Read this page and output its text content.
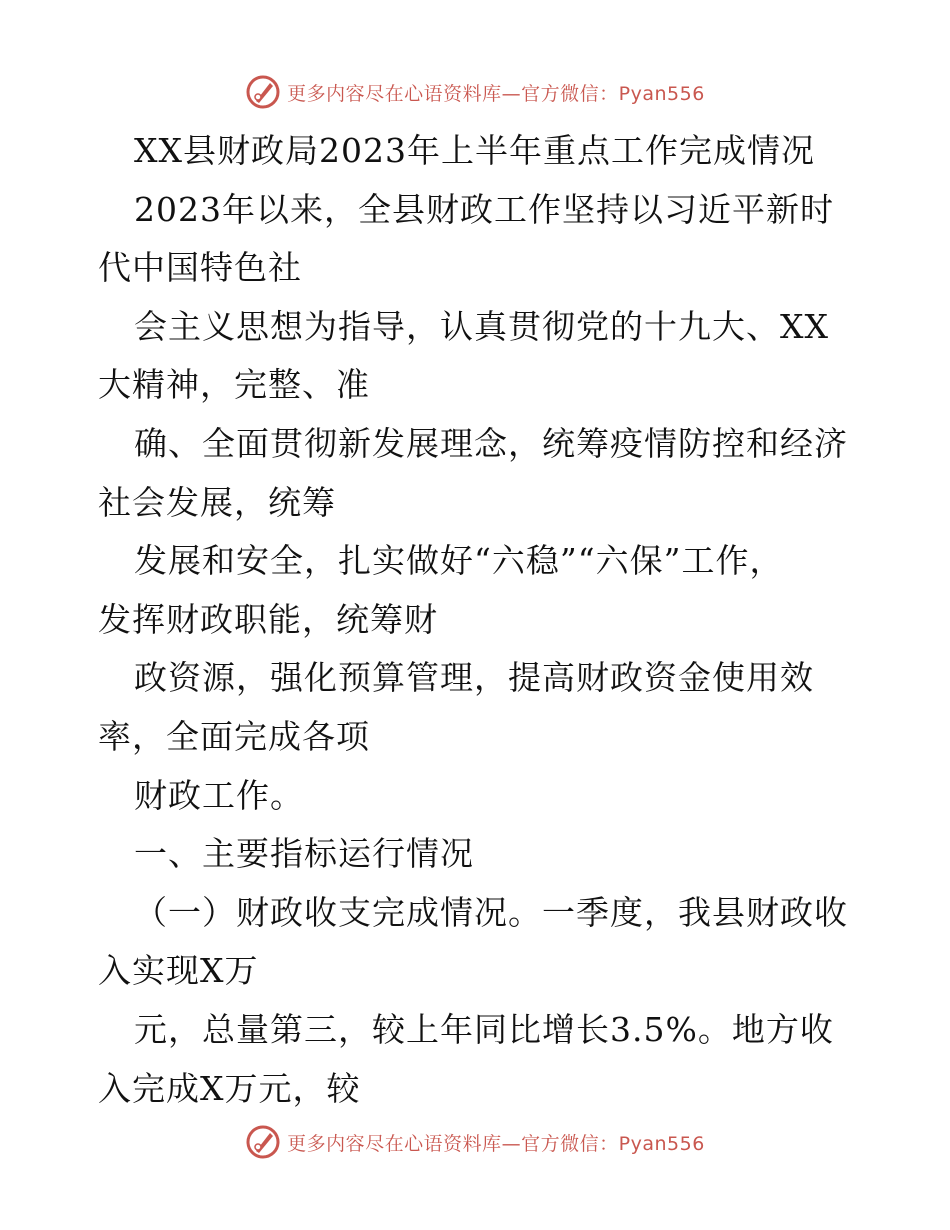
更多内容尽在心语资料库—官方微信：Pyan556
XX县财政局2023年上半年重点工作完成情况
2023年以来，全县财政工作坚持以习近平新时
代中国特色社
会主义思想为指导，认真贯彻党的十九大、XX
大精神，完整、准
确、全面贯彻新发展理念，统筹疫情防控和经济
社会发展，统筹
发展和安全，扎实做好“六稳”“六保”工作，
发挥财政职能，统筹财
政资源，强化预算管理，提高财政资金使用效
率，全面完成各项
财政工作。
一、主要指标运行情况
（一）财政收支完成情况。一季度，我县财政收
入实现X万
元，总量第三，较上年同比增长3.5%。地方收
入完成X万元，较
更多内容尽在心语资料库—官方微信：Pyan556
